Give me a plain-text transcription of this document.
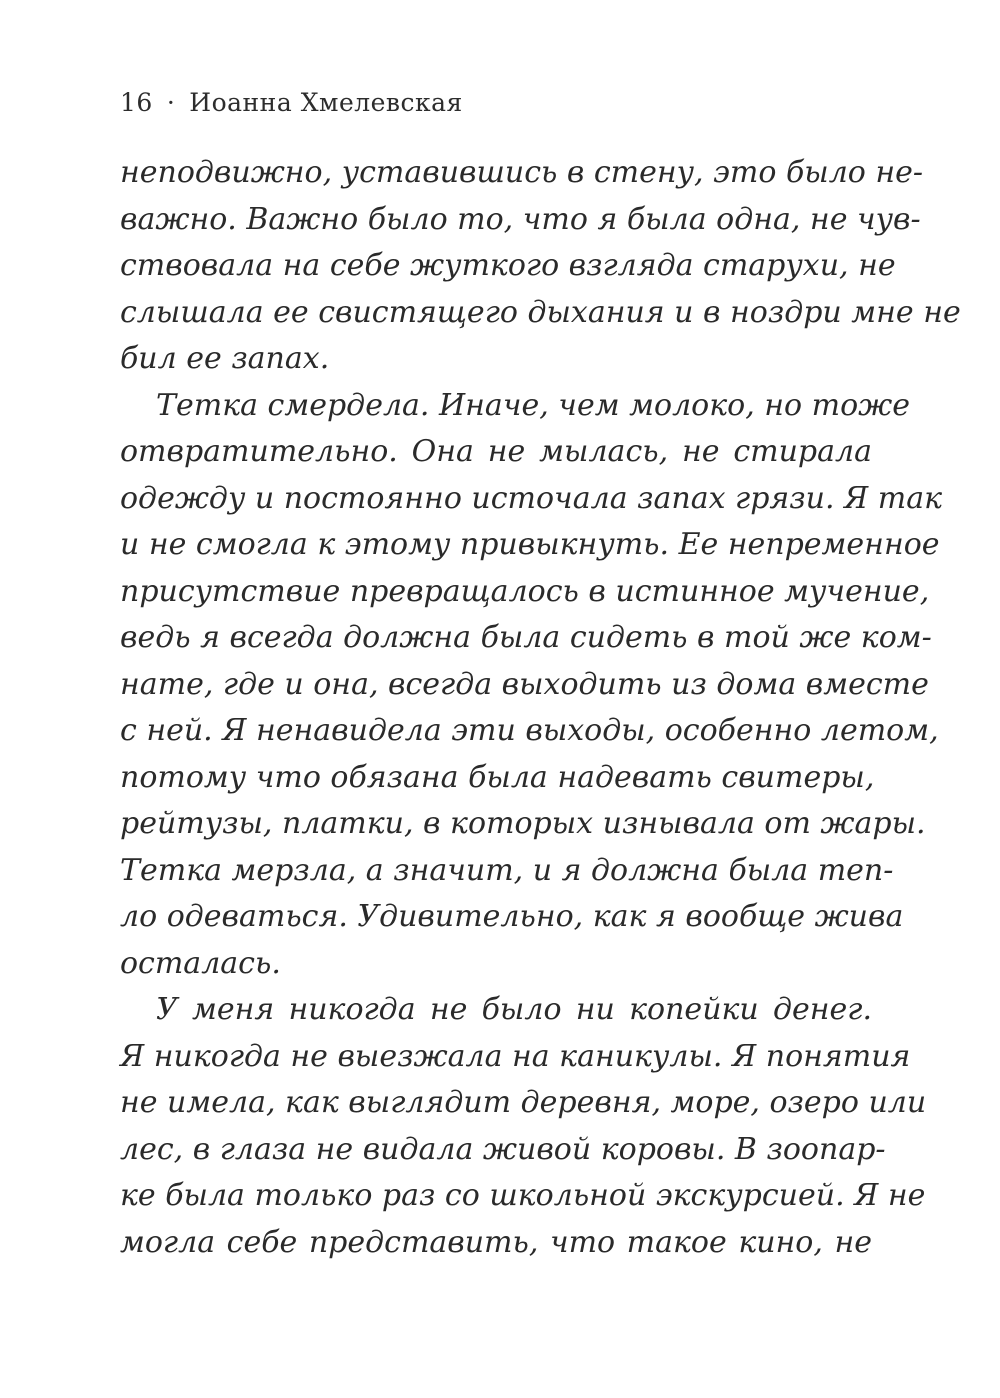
16 · Иоанна Хмелевская
неподвижно, уставившись в стену, это было не-
важно. Важно было то, что я была одна, не чув-
ствовала на себе жуткого взгляда старухи, не
слышала ее свистящего дыхания и в ноздри мне не
бил ее запах.
Тетка смердела. Иначе, чем молоко, но тоже
отвратительно. Она не мылась, не стирала
одежду и постоянно источала запах грязи. Я так
и не смогла к этому привыкнуть. Ее непременное
присутствие превращалось в истинное мучение,
ведь я всегда должна была сидеть в той же ком-
нате, где и она, всегда выходить из дома вместе
с ней. Я ненавидела эти выходы, особенно летом,
потому что обязана была надевать свитеры,
рейтузы, платки, в которых изнывала от жары.
Тетка мерзла, а значит, и я должна была теп-
ло одеваться. Удивительно, как я вообще жива
осталась.
У меня никогда не было ни копейки денег.
Я никогда не выезжала на каникулы. Я понятия
не имела, как выглядит деревня, море, озеро или
лес, в глаза не видала живой коровы. В зоопар-
ке была только раз со школьной экскурсией. Я не
могла себе представить, что такое кино, не
